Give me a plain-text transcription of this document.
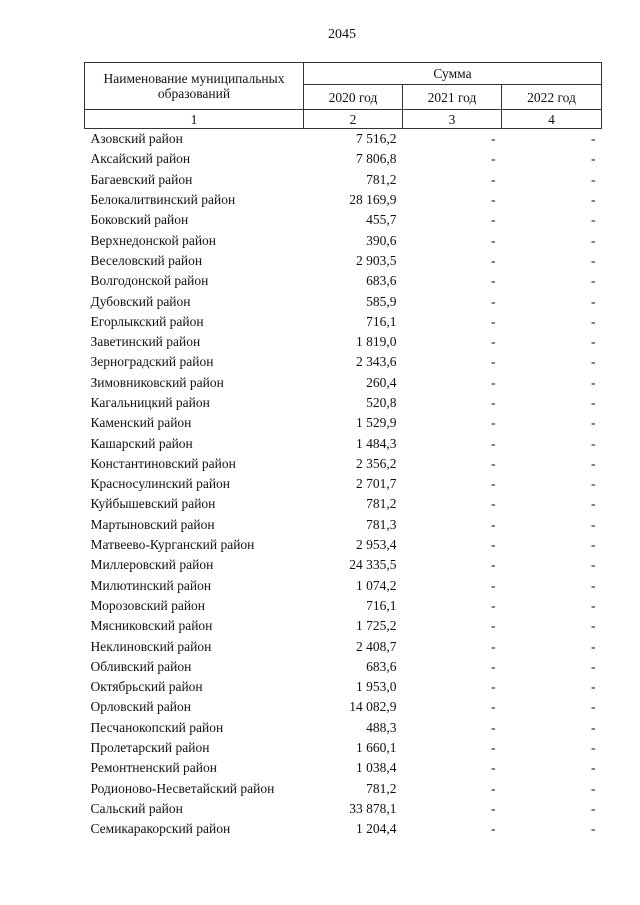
2045
Наименование муниципальных образований	Сумма		
	2020 год	2021 год	2022 год
1	2	3	4
Азовский район	7 516,2	-	-
Аксайский район	7 806,8	-	-
Багаевский район	781,2	-	-
Белокалитвинский район	28 169,9	-	-
Боковский район	455,7	-	-
Верхнедонской район	390,6	-	-
Веселовский район	2 903,5	-	-
Волгодонской район	683,6	-	-
Дубовский район	585,9	-	-
Егорлыкский район	716,1	-	-
Заветинский район	1 819,0	-	-
Зерноградский район	2 343,6	-	-
Зимовниковский район	260,4	-	-
Кагальницкий район	520,8	-	-
Каменский район	1 529,9	-	-
Кашарский район	1 484,3	-	-
Константиновский район	2 356,2	-	-
Красносулинский район	2 701,7	-	-
Куйбышевский район	781,2	-	-
Мартыновский район	781,3	-	-
Матвеево-Курганский район	2 953,4	-	-
Миллеровский район	24 335,5	-	-
Милютинский район	1 074,2	-	-
Морозовский район	716,1	-	-
Мясниковский район	1 725,2	-	-
Неклиновский район	2 408,7	-	-
Обливский район	683,6	-	-
Октябрьский район	1 953,0	-	-
Орловский район	14 082,9	-	-
Песчанокопский район	488,3	-	-
Пролетарский район	1 660,1	-	-
Ремонтненский район	1 038,4	-	-
Родионово-Несветайский район	781,2	-	-
Сальский район	33 878,1	-	-
Семикаракорский район	1 204,4	-	-
